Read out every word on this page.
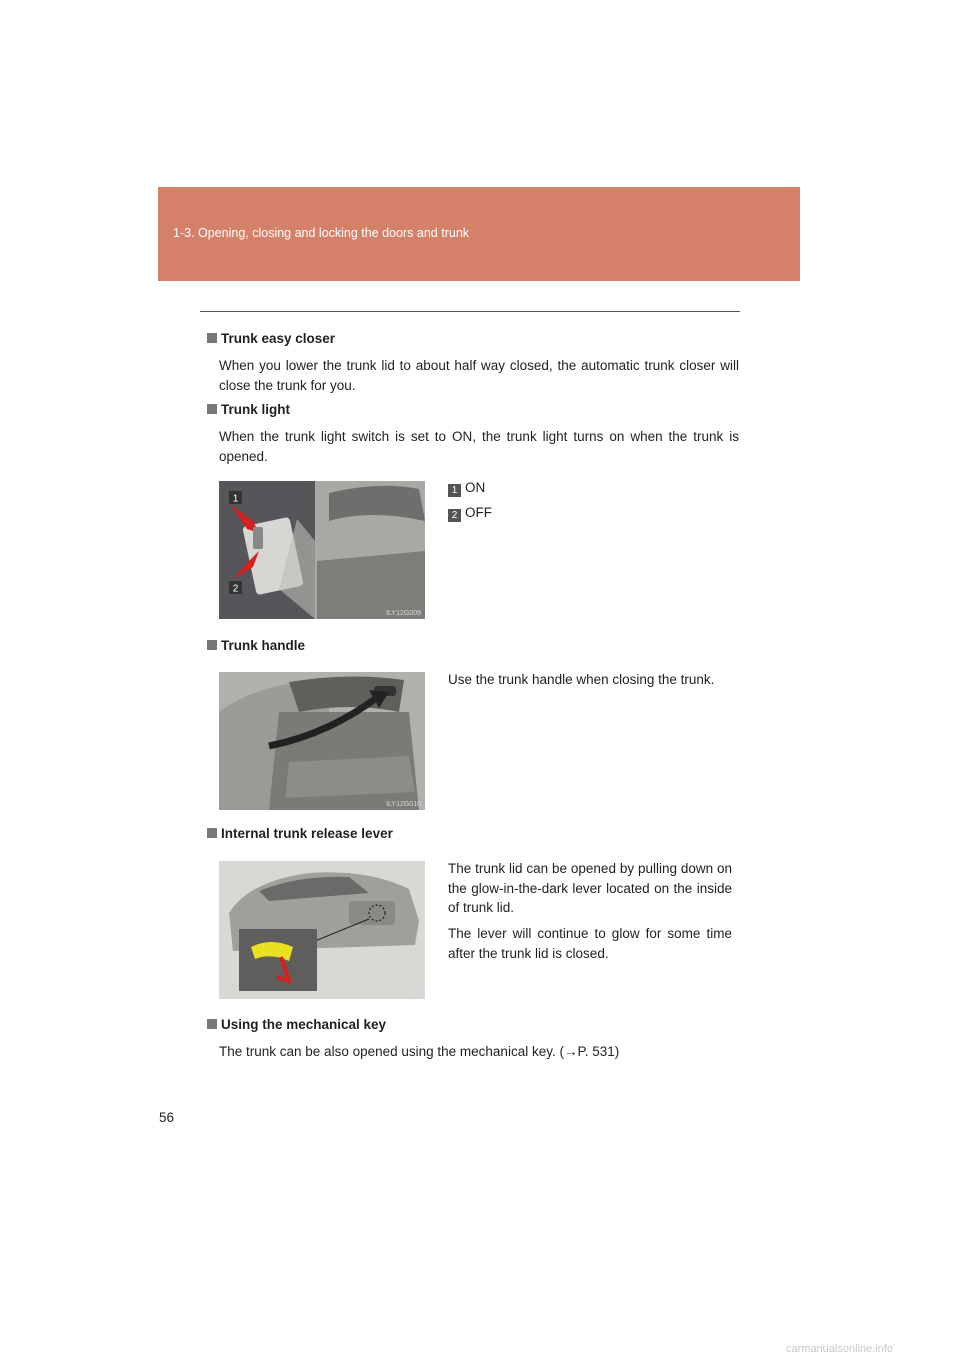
1-3. Opening, closing and locking the doors and trunk
Trunk easy closer
When you lower the trunk lid to about half way closed, the automatic trunk closer will close the trunk for you.
Trunk light
When the trunk light switch is set to ON, the trunk light turns on when the trunk is opened.
1
2
ILY12G009
1 ON
2 OFF
Trunk handle
ILY12G010
Use the trunk handle when closing the trunk.
Internal trunk release lever
ILY12S040
The trunk lid can be opened by pulling down on the glow-in-the-dark lever located on the inside of trunk lid.
The lever will continue to glow for some time after the trunk lid is closed.
Using the mechanical key
The trunk can be also opened using the mechanical key. (→P. 531)
56
carmanualsonline.info
